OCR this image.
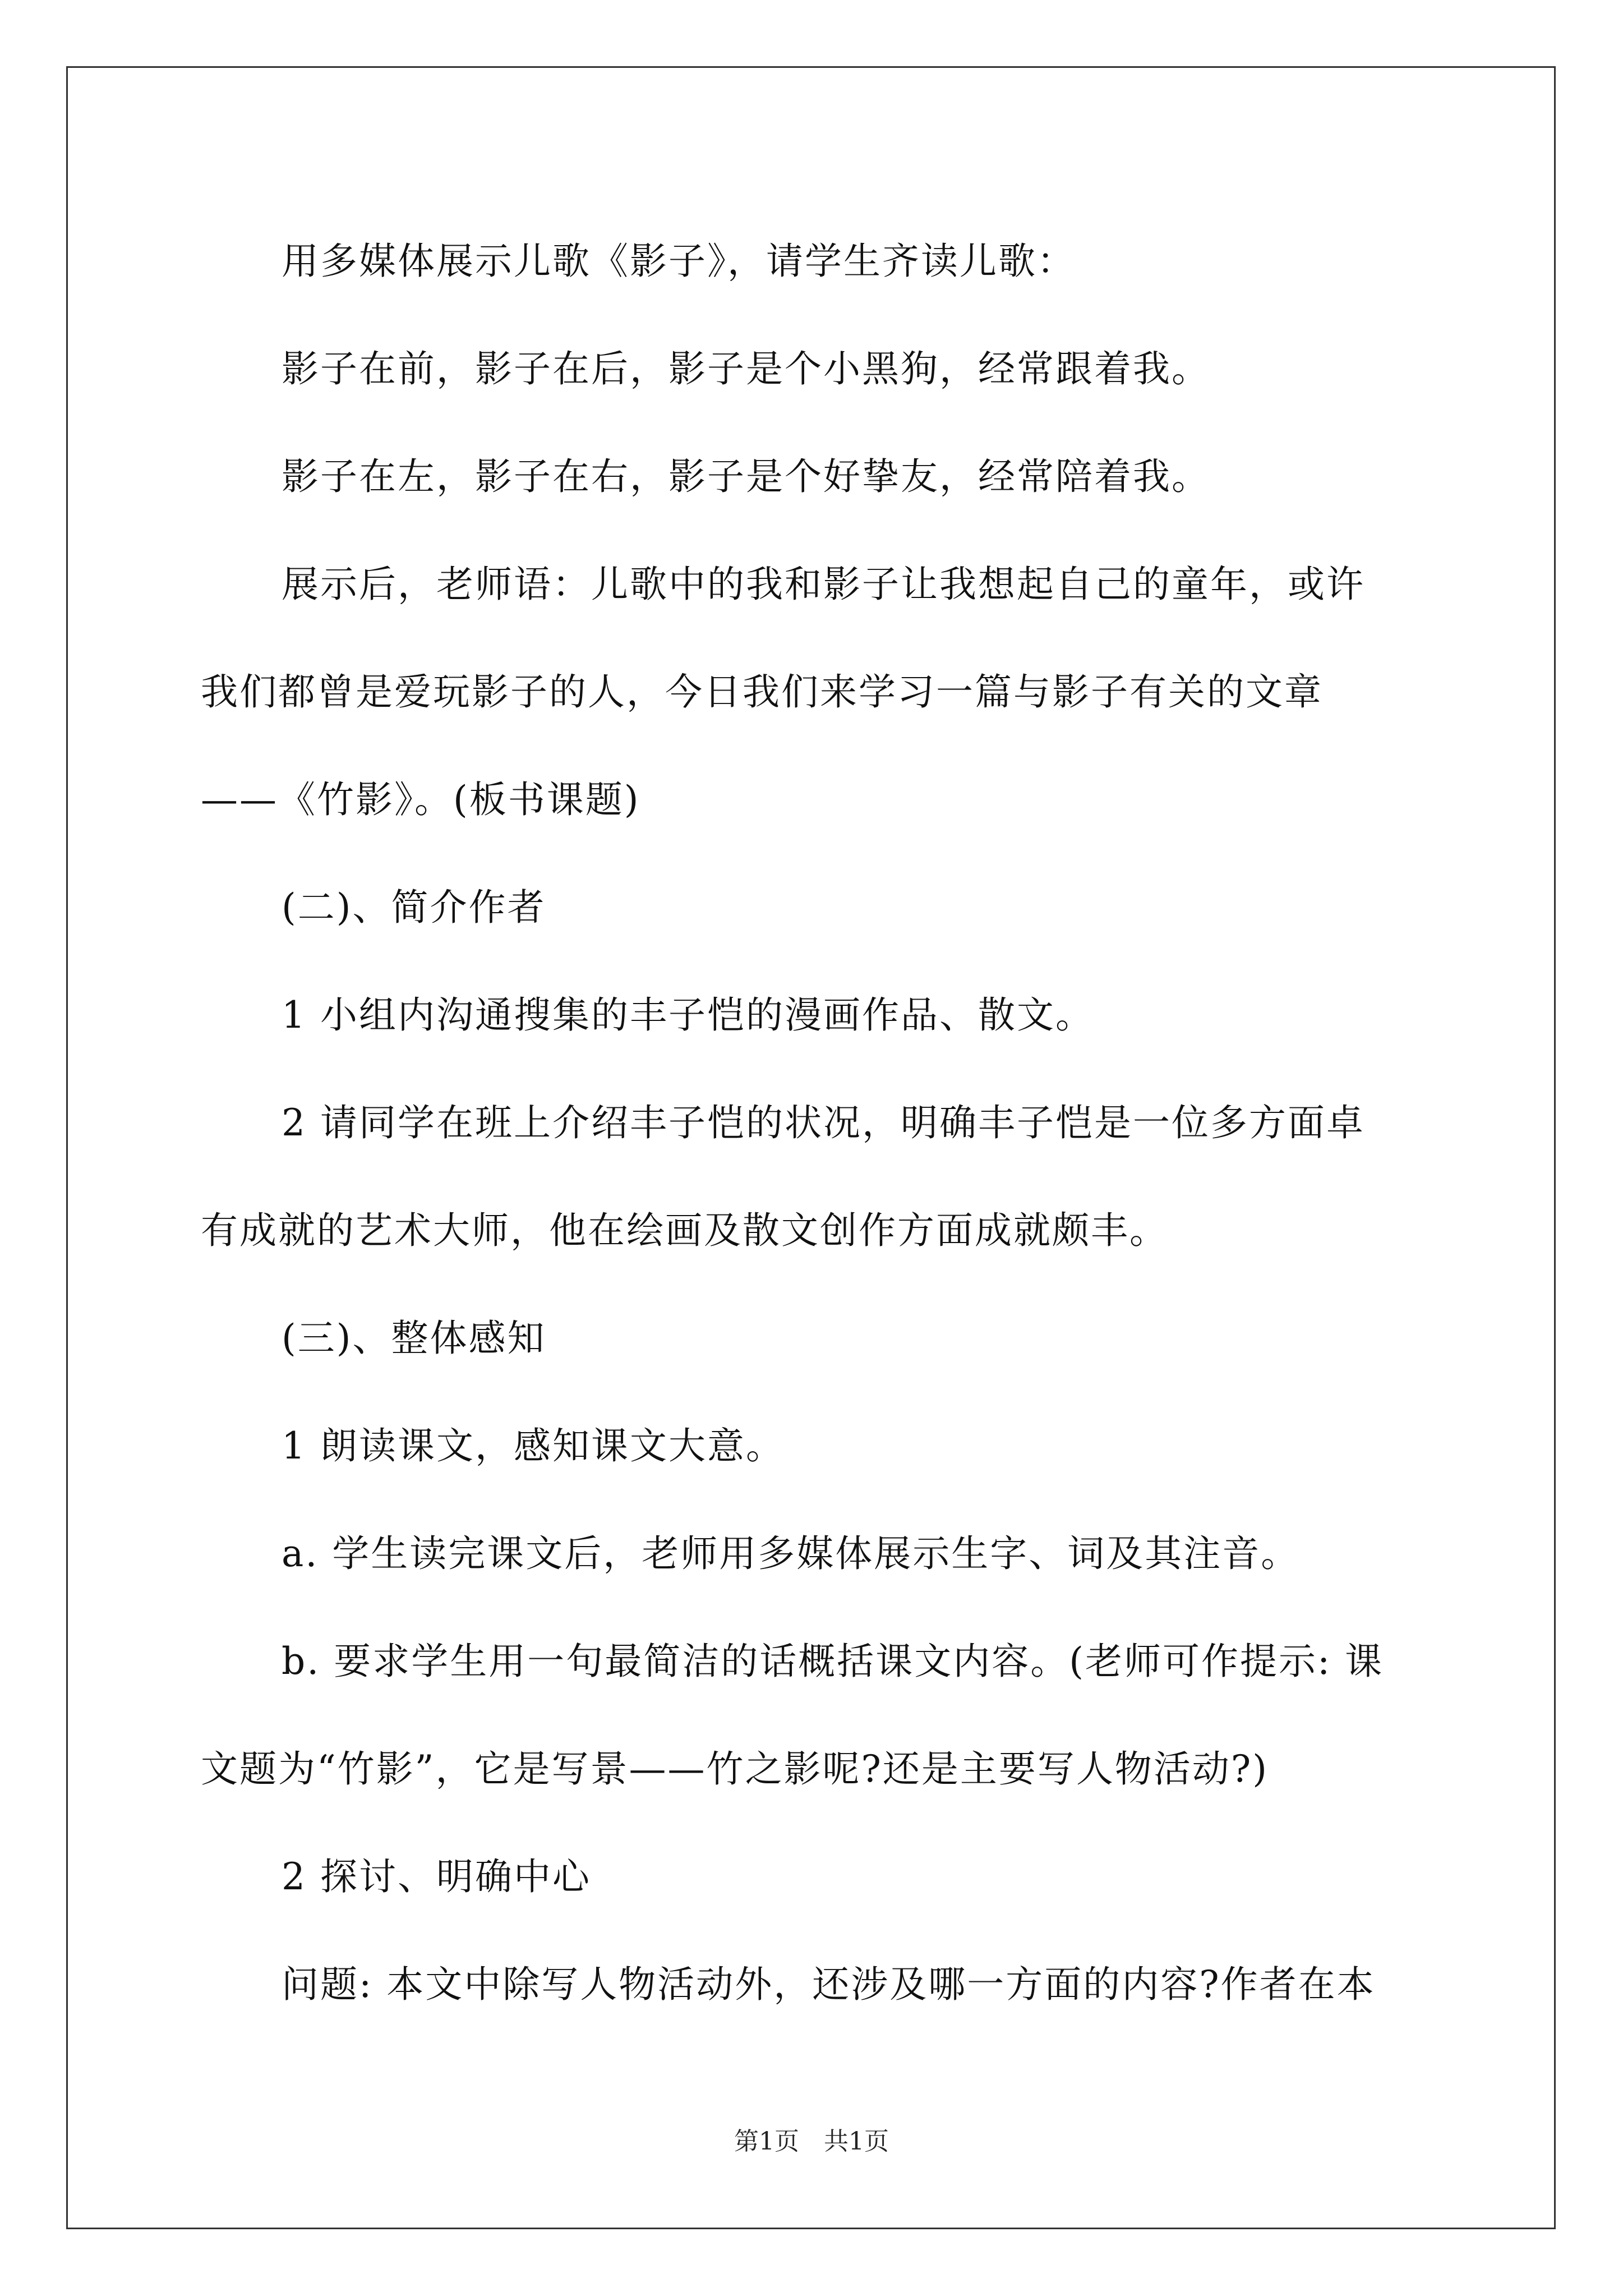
用多媒体展示儿歌《影子》，请学生齐读儿歌：

影子在前，影子在后，影子是个小黑狗，经常跟着我。

影子在左，影子在右，影子是个好挚友，经常陪着我。

展示后，老师语：儿歌中的我和影子让我想起自己的童年，或许

我们都曾是爱玩影子的人，今日我们来学习一篇与影子有关的文章

——《竹影》。(板书课题)

(二)、简介作者

1 小组内沟通搜集的丰子恺的漫画作品、散文。

2 请同学在班上介绍丰子恺的状况，明确丰子恺是一位多方面卓

有成就的艺术大师，他在绘画及散文创作方面成就颇丰。

(三)、整体感知

1 朗读课文，感知课文大意。

a. 学生读完课文后，老师用多媒体展示生字、词及其注音。

b. 要求学生用一句最简洁的话概括课文内容。(老师可作提示: 课

文题为“竹影”，它是写景——竹之影呢?还是主要写人物活动?)

2 探讨、明确中心

问题: 本文中除写人物活动外，还涉及哪一方面的内容?作者在本

第1页　共1页
